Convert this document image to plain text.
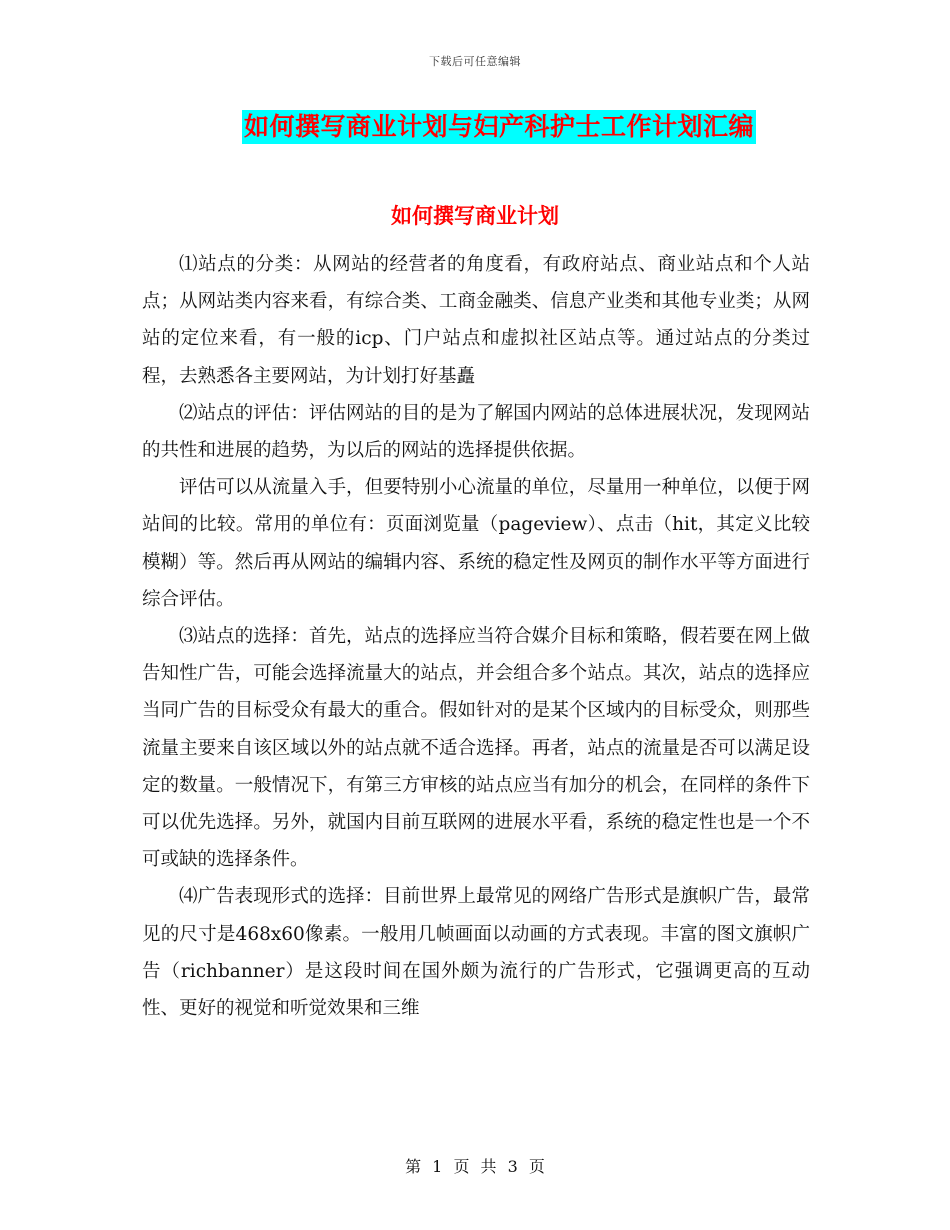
下载后可任意编辑
如何撰写商业计划与妇产科护士工作计划汇编
如何撰写商业计划

⑴站点的分类：从网站的经营者的角度看，有政府站点、商业站点和个人站点；从网站类内容来看，有综合类、工商金融类、信息产业类和其他专业类；从网站的定位来看，有一般的icp、门户站点和虚拟社区站点等。通过站点的分类过程，去熟悉各主要网站，为计划打好基矗

⑵站点的评估：评估网站的目的是为了解国内网站的总体进展状况，发现网站的共性和进展的趋势，为以后的网站的选择提供依据。

评估可以从流量入手，但要特别小心流量的单位，尽量用一种单位，以便于网站间的比较。常用的单位有：页面浏览量（pageview）、点击（hit，其定义比较模糊）等。然后再从网站的编辑内容、系统的稳定性及网页的制作水平等方面进行综合评估。

⑶站点的选择：首先，站点的选择应当符合媒介目标和策略，假若要在网上做告知性广告，可能会选择流量大的站点，并会组合多个站点。其次，站点的选择应当同广告的目标受众有最大的重合。假如针对的是某个区域内的目标受众，则那些流量主要来自该区域以外的站点就不适合选择。再者，站点的流量是否可以满足设定的数量。一般情况下，有第三方审核的站点应当有加分的机会，在同样的条件下可以优先选择。另外，就国内目前互联网的进展水平看，系统的稳定性也是一个不可或缺的选择条件。

⑷广告表现形式的选择：目前世界上最常见的网络广告形式是旗帜广告，最常见的尺寸是468x60像素。一般用几帧画面以动画的方式表现。丰富的图文旗帜广告（richbanner）是这段时间在国外颇为流行的广告形式，它强调更高的互动性、更好的视觉和听觉效果和三维

第 1 页 共 3 页
